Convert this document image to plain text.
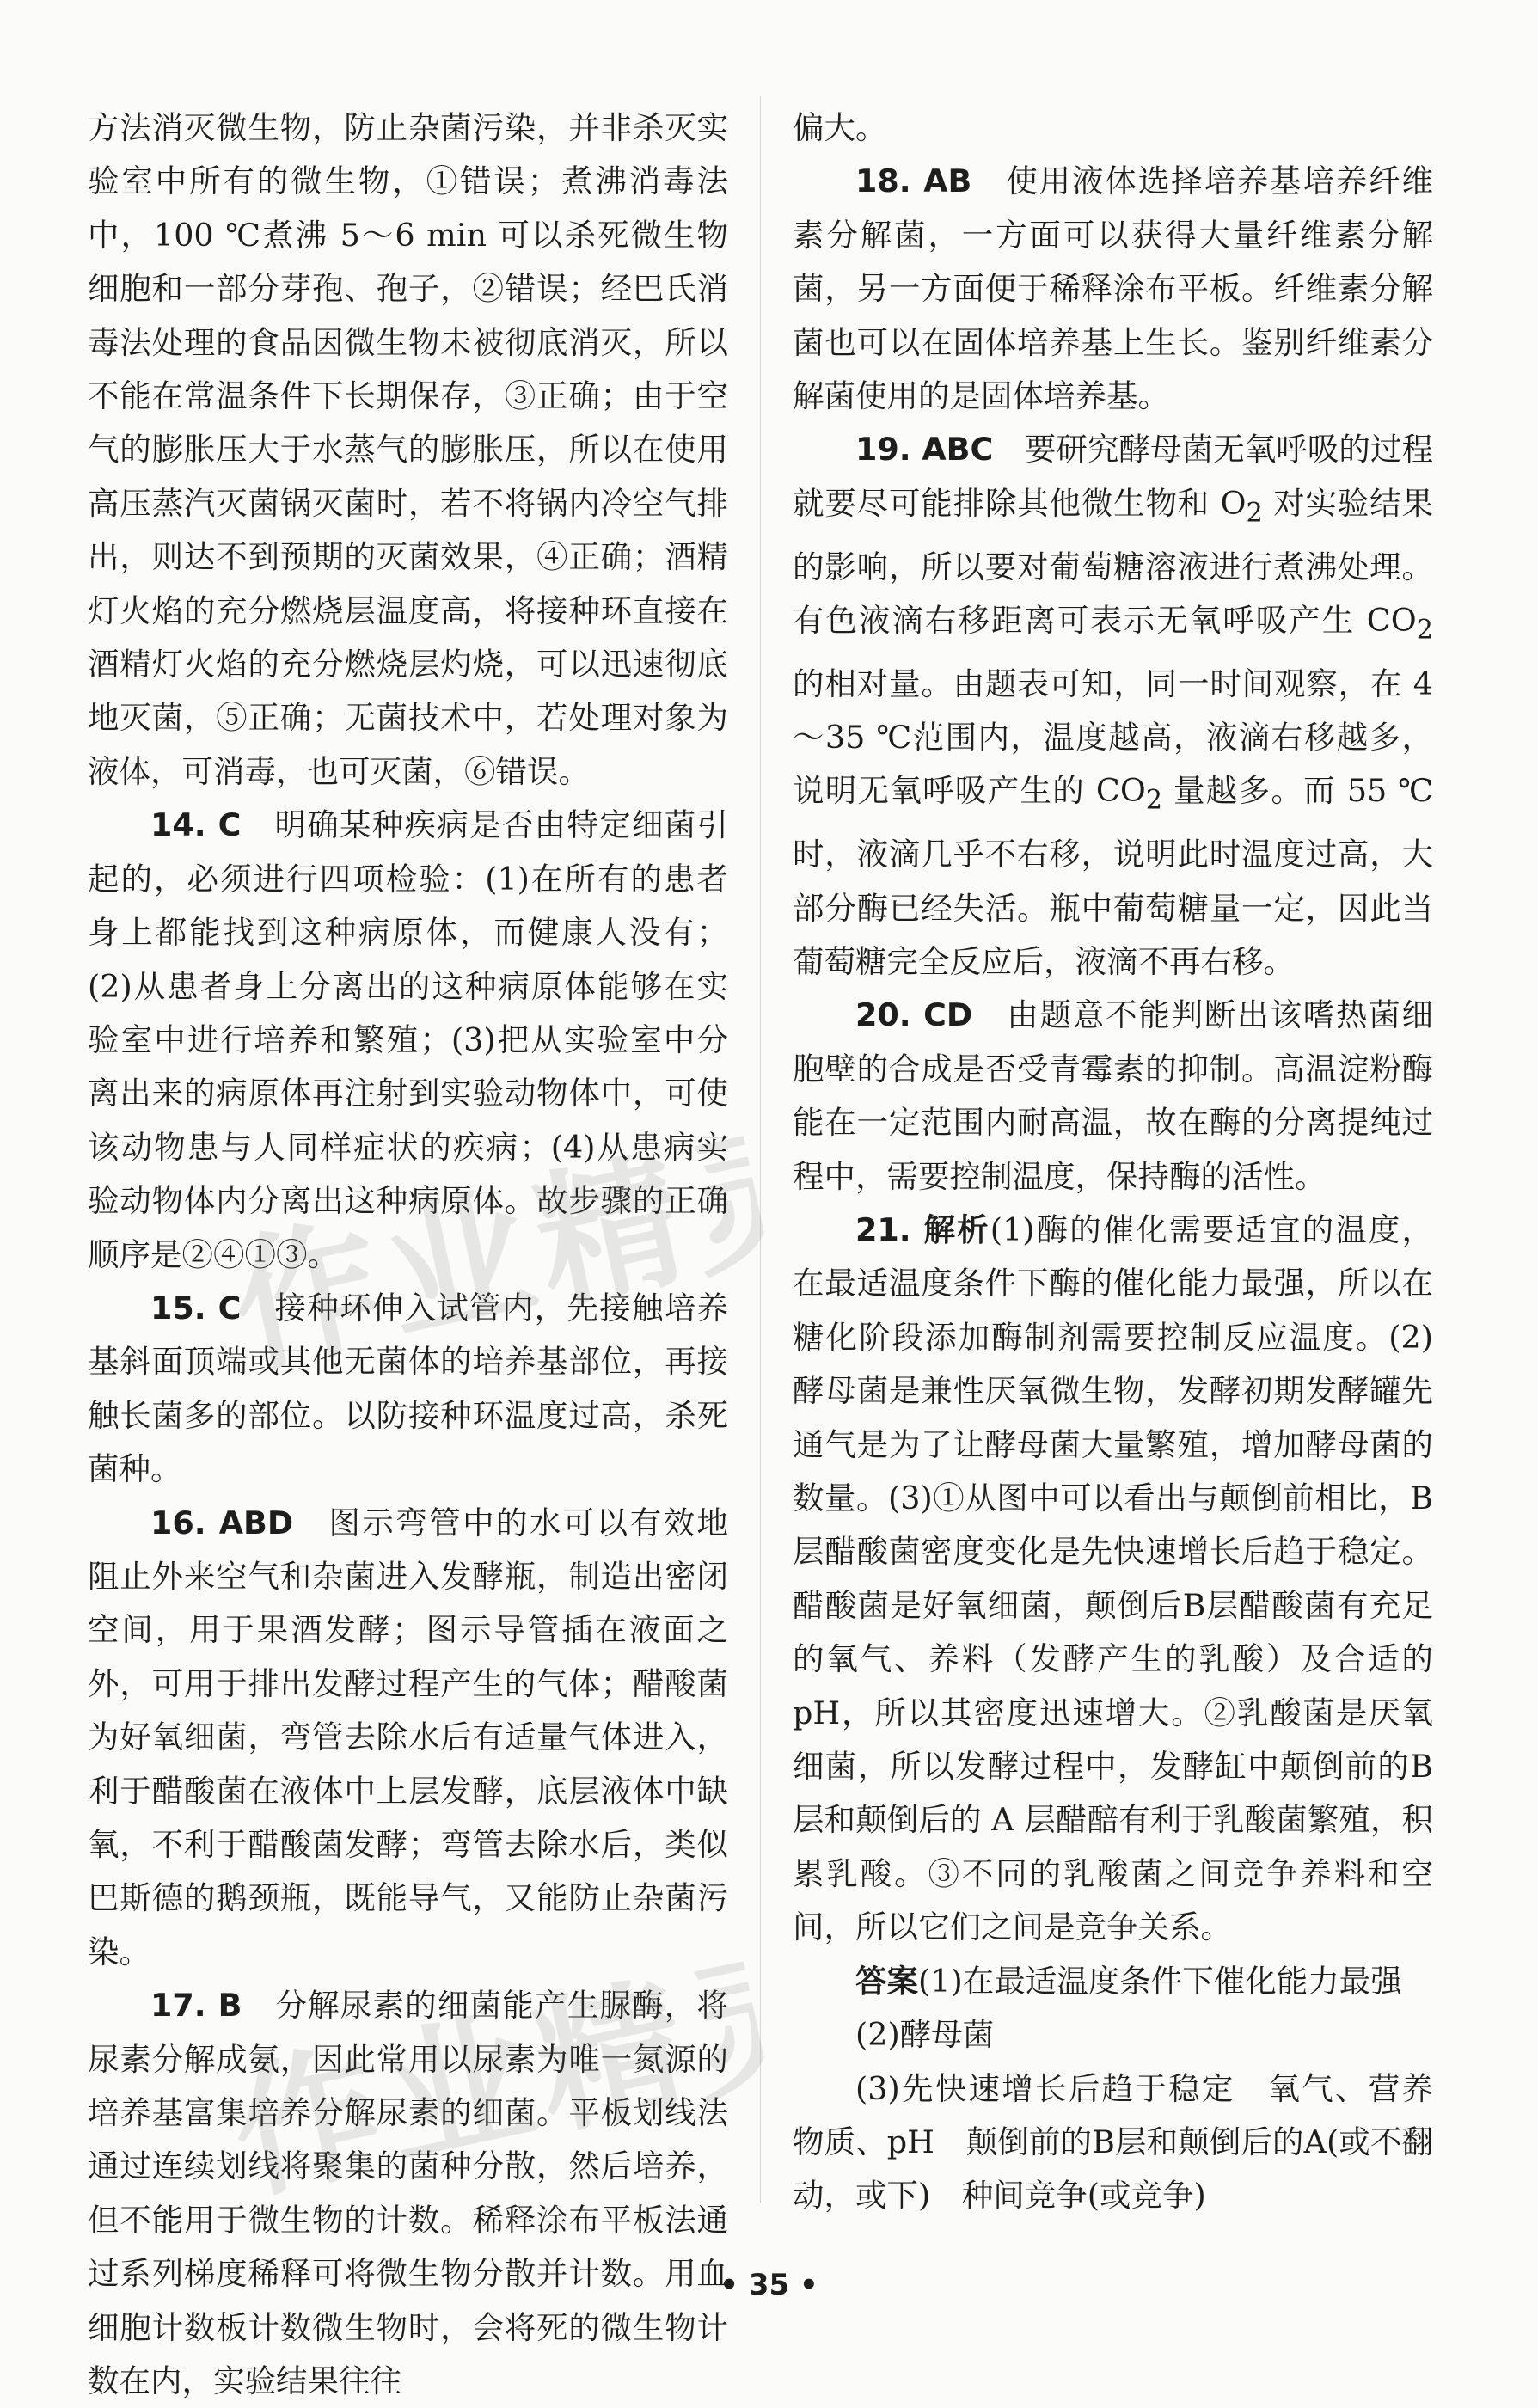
方法消灭微生物，防止杂菌污染，并非杀灭实验室中所有的微生物，①错误；煮沸消毒法中，100 ℃煮沸 5～6 min 可以杀死微生物细胞和一部分芽孢、孢子，②错误；经巴氏消毒法处理的食品因微生物未被彻底消灭，所以不能在常温条件下长期保存，③正确；由于空气的膨胀压大于水蒸气的膨胀压，所以在使用高压蒸汽灭菌锅灭菌时，若不将锅内冷空气排出，则达不到预期的灭菌效果，④正确；酒精灯火焰的充分燃烧层温度高，将接种环直接在酒精灯火焰的充分燃烧层灼烧，可以迅速彻底地灭菌，⑤正确；无菌技术中，若处理对象为液体，可消毒，也可灭菌，⑥错误。

14. C　 明确某种疾病是否由特定细菌引起的，必须进行四项检验：(1)在所有的患者身上都能找到这种病原体，而健康人没有；(2)从患者身上分离出的这种病原体能够在实验室中进行培养和繁殖；(3)把从实验室中分离出来的病原体再注射到实验动物体中，可使该动物患与人同样症状的疾病；(4)从患病实验动物体内分离出这种病原体。故步骤的正确顺序是②④①③。

15. C　 接种环伸入试管内，先接触培养基斜面顶端或其他无菌体的培养基部位，再接触长菌多的部位。以防接种环温度过高，杀死菌种。

16. ABD　 图示弯管中的水可以有效地阻止外来空气和杂菌进入发酵瓶，制造出密闭空间，用于果酒发酵；图示导管插在液面之外，可用于排出发酵过程产生的气体；醋酸菌为好氧细菌，弯管去除水后有适量气体进入，利于醋酸菌在液体中上层发酵，底层液体中缺氧，不利于醋酸菌发酵；弯管去除水后，类似巴斯德的鹅颈瓶，既能导气，又能防止杂菌污染。

17. B　 分解尿素的细菌能产生脲酶，将尿素分解成氨，因此常用以尿素为唯一氮源的培养基富集培养分解尿素的细菌。平板划线法通过连续划线将聚集的菌种分散，然后培养，但不能用于微生物的计数。稀释涂布平板法通过系列梯度稀释可将微生物分散并计数。用血细胞计数板计数微生物时，会将死的微生物计数在内，实验结果往往

偏大。

18. AB　 使用液体选择培养基培养纤维素分解菌，一方面可以获得大量纤维素分解菌，另一方面便于稀释涂布平板。纤维素分解菌也可以在固体培养基上生长。鉴别纤维素分解菌使用的是固体培养基。

19. ABC　 要研究酵母菌无氧呼吸的过程就要尽可能排除其他微生物和 $O_2$ 对实验结果的影响，所以要对葡萄糖溶液进行煮沸处理。有色液滴右移距离可表示无氧呼吸产生 $CO_2$ 的相对量。由题表可知，同一时间观察，在 4～35 ℃范围内，温度越高，液滴右移越多，说明无氧呼吸产生的 $CO_2$ 量越多。而 55 ℃时，液滴几乎不右移，说明此时温度过高，大部分酶已经失活。瓶中葡萄糖量一定，因此当葡萄糖完全反应后，液滴不再右移。

20. CD　 由题意不能判断出该嗜热菌细胞壁的合成是否受青霉素的抑制。高温淀粉酶能在一定范围内耐高温，故在酶的分离提纯过程中，需要控制温度，保持酶的活性。

21. 解析(1)酶的催化需要适宜的温度，在最适温度条件下酶的催化能力最强，所以在糖化阶段添加酶制剂需要控制反应温度。(2)酵母菌是兼性厌氧微生物，发酵初期发酵罐先通气是为了让酵母菌大量繁殖，增加酵母菌的数量。(3)①从图中可以看出与颠倒前相比，B层醋酸菌密度变化是先快速增长后趋于稳定。醋酸菌是好氧细菌，颠倒后B层醋酸菌有充足的氧气、养料（发酵产生的乳酸）及合适的 pH，所以其密度迅速增大。②乳酸菌是厌氧细菌，所以发酵过程中，发酵缸中颠倒前的B层和颠倒后的 A 层醋醅有利于乳酸菌繁殖，积累乳酸。③不同的乳酸菌之间竞争养料和空间，所以它们之间是竞争关系。

答案(1)在最适温度条件下催化能力最强

(2)酵母菌

(3)先快速增长后趋于稳定　氧气、营养物质、pH　颠倒前的B层和颠倒后的A(或不翻动，或下)　种间竞争(或竞争)

作业精灵
作业精灵
• 35 •
